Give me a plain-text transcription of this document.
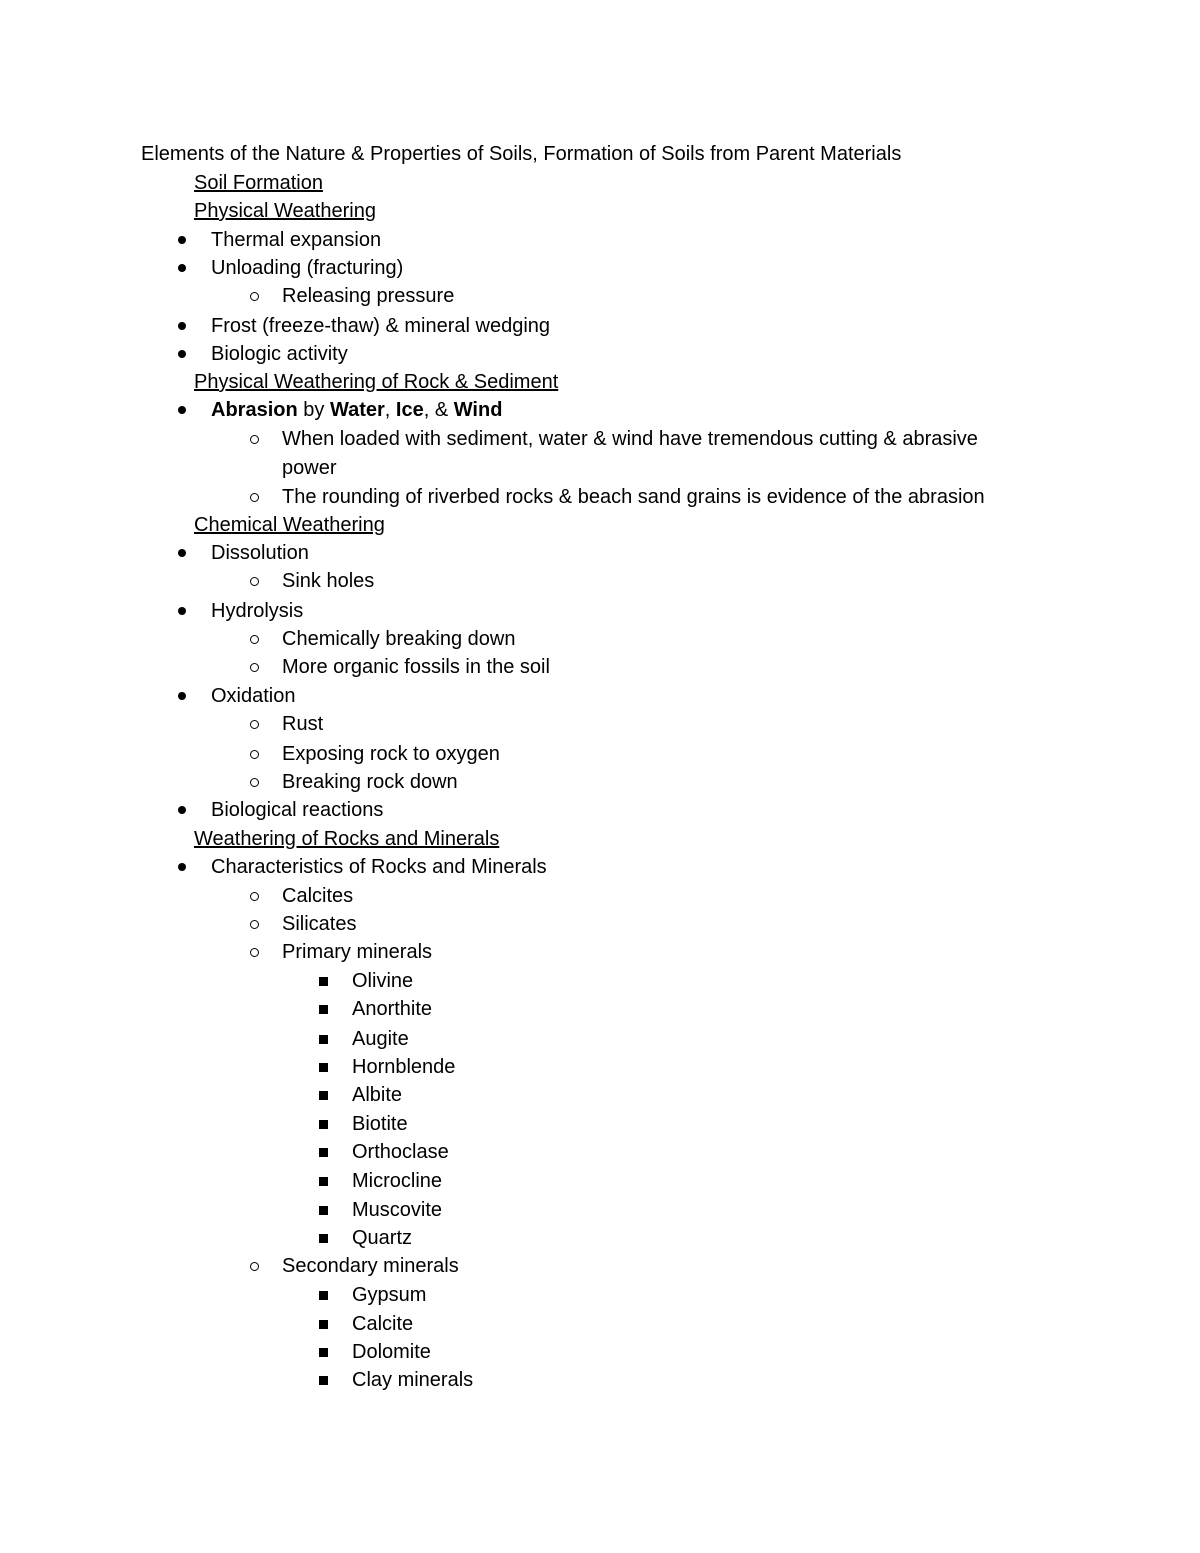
Elements of the Nature & Properties of Soils, Formation of Soils from Parent Materials
Soil Formation
Physical Weathering
Thermal expansion
Unloading (fracturing)
Releasing pressure
Frost (freeze-thaw) & mineral wedging
Biologic activity
Physical Weathering of Rock & Sediment
Abrasion by Water, Ice, & Wind
When loaded with sediment, water & wind have tremendous cutting & abrasive
power
The rounding of riverbed rocks & beach sand grains is evidence of the abrasion
Chemical Weathering
Dissolution
Sink holes
Hydrolysis
Chemically breaking down
More organic fossils in the soil
Oxidation
Rust
Exposing rock to oxygen
Breaking rock down
Biological reactions
Weathering of Rocks and Minerals
Characteristics of Rocks and Minerals
Calcites
Silicates
Primary minerals
Olivine
Anorthite
Augite
Hornblende
Albite
Biotite
Orthoclase
Microcline
Muscovite
Quartz
Secondary minerals
Gypsum
Calcite
Dolomite
Clay minerals
